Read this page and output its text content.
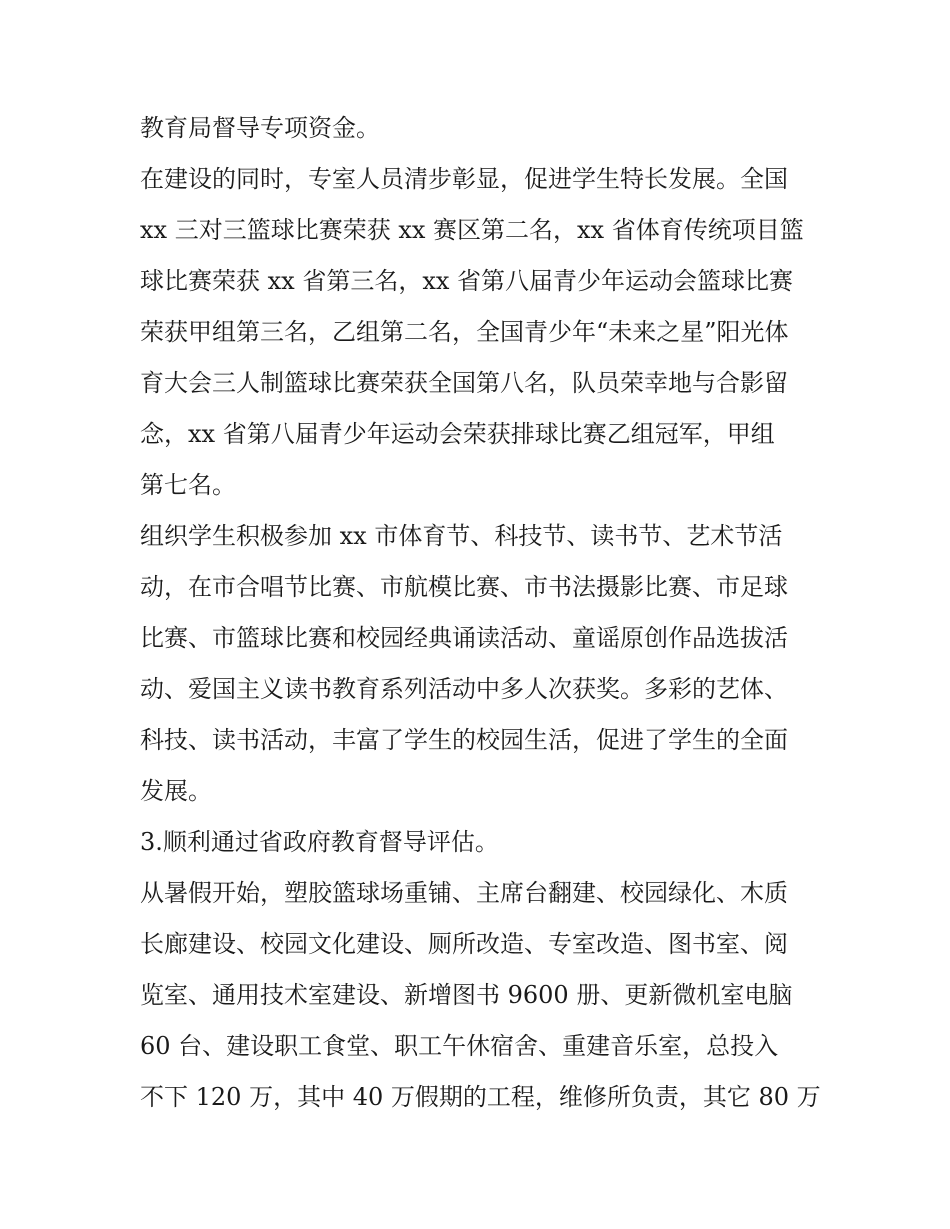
教育局督导专项资金。
在建设的同时，专室人员清步彰显，促进学生特长发展。全国
xx 三对三篮球比赛荣获 xx 赛区第二名，xx 省体育传统项目篮
球比赛荣获 xx 省第三名，xx 省第八届青少年运动会篮球比赛
荣获甲组第三名，乙组第二名，全国青少年“未来之星”阳光体
育大会三人制篮球比赛荣获全国第八名，队员荣幸地与合影留
念，xx 省第八届青少年运动会荣获排球比赛乙组冠军，甲组
第七名。
组织学生积极参加 xx 市体育节、科技节、读书节、艺术节活
动，在市合唱节比赛、市航模比赛、市书法摄影比赛、市足球
比赛、市篮球比赛和校园经典诵读活动、童谣原创作品选拔活
动、爱国主义读书教育系列活动中多人次获奖。多彩的艺体、
科技、读书活动，丰富了学生的校园生活，促进了学生的全面
发展。
3.顺利通过省政府教育督导评估。
从暑假开始，塑胶篮球场重铺、主席台翻建、校园绿化、木质
长廊建设、校园文化建设、厕所改造、专室改造、图书室、阅
览室、通用技术室建设、新增图书 9600 册、更新微机室电脑
60 台、建设职工食堂、职工午休宿舍、重建音乐室，总投入
不下 120 万，其中 40 万假期的工程，维修所负责，其它 80 万
